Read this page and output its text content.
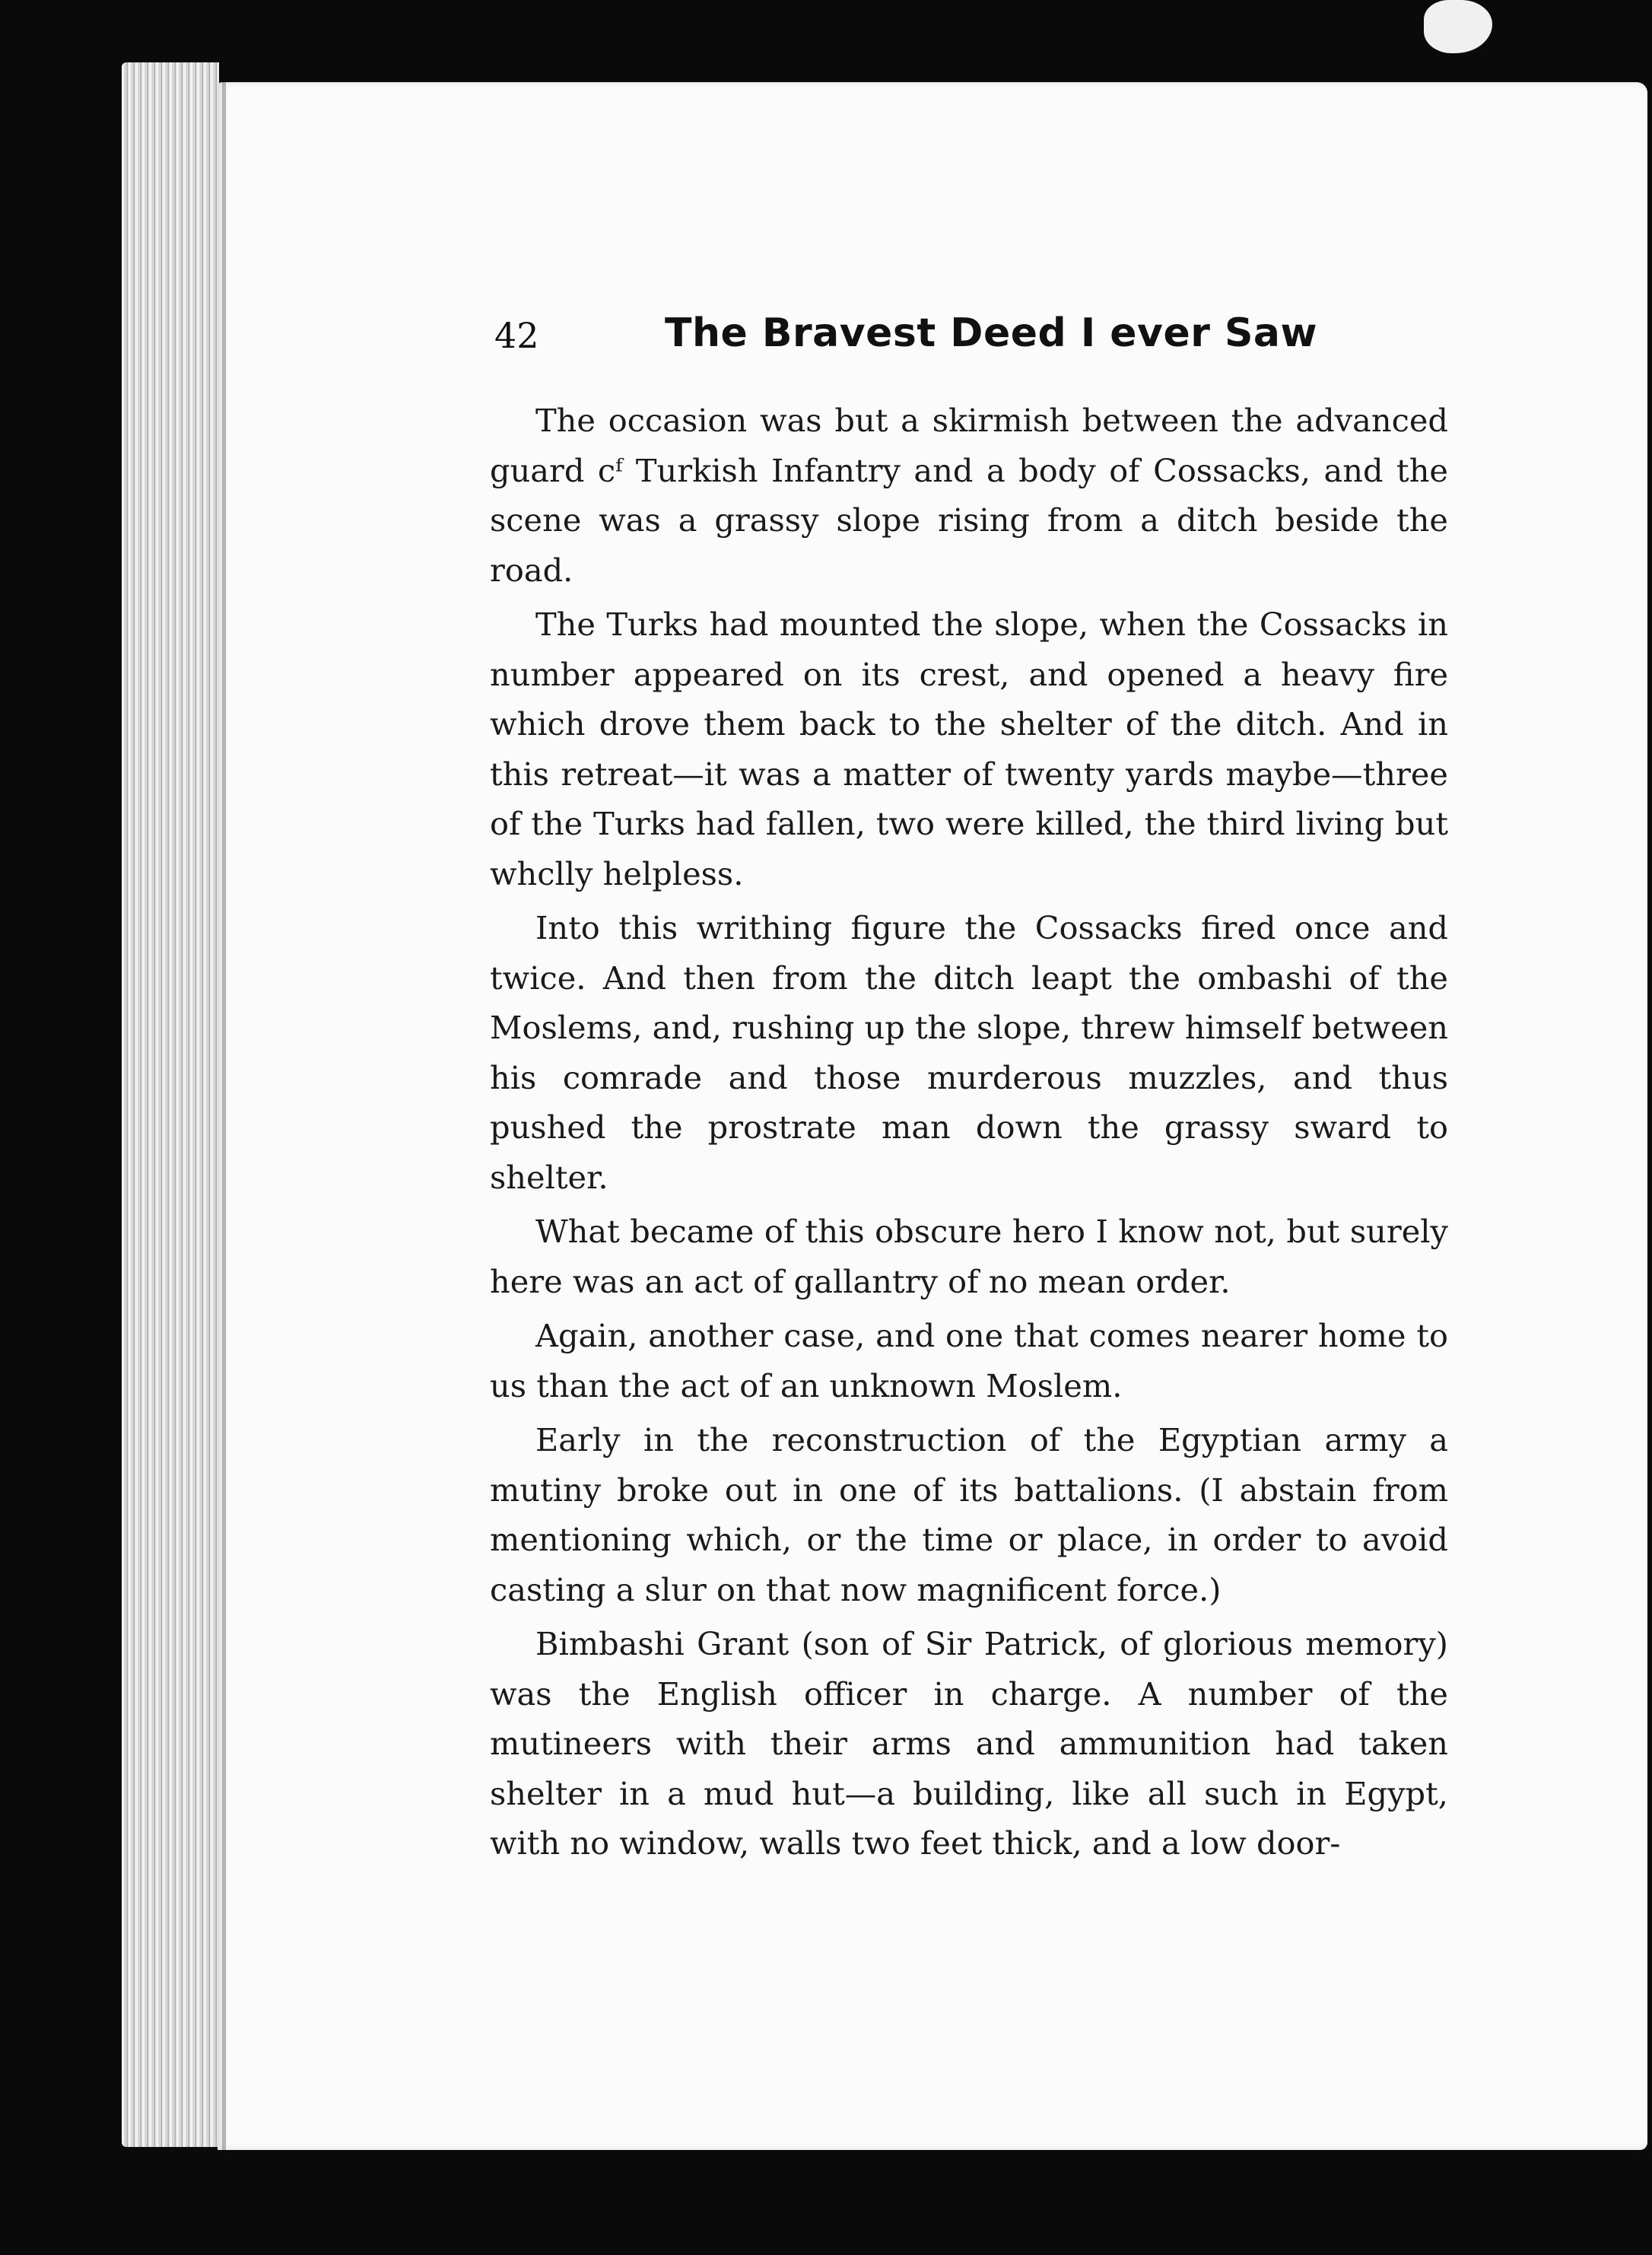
42	The Bravest Deed I ever Saw

The occasion was but a skirmish between the advanced guard cᶠ Turkish Infantry and a body of Cossacks, and the scene was a grassy slope rising from a ditch beside the road.

The Turks had mounted the slope, when the Cossacks in number appeared on its crest, and opened a heavy fire which drove them back to the shelter of the ditch. And in this retreat—it was a matter of twenty yards maybe—three of the Turks had fallen, two were killed, the third living but whclly helpless.

Into this writhing figure the Cossacks fired once and twice. And then from the ditch leapt the ombashi of the Moslems, and, rushing up the slope, threw himself between his comrade and those murderous muzzles, and thus pushed the prostrate man down the grassy sward to shelter.

What became of this obscure hero I know not, but surely here was an act of gallantry of no mean order.

Again, another case, and one that comes nearer home to us than the act of an unknown Moslem.

Early in the reconstruction of the Egyptian army a mutiny broke out in one of its battalions. (I abstain from mentioning which, or the time or place, in order to avoid casting a slur on that now magnificent force.)

Bimbashi Grant (son of Sir Patrick, of glorious memory) was the English officer in charge. A number of the mutineers with their arms and ammunition had taken shelter in a mud hut—a building, like all such in Egypt, with no window, walls two feet thick, and a low door-
